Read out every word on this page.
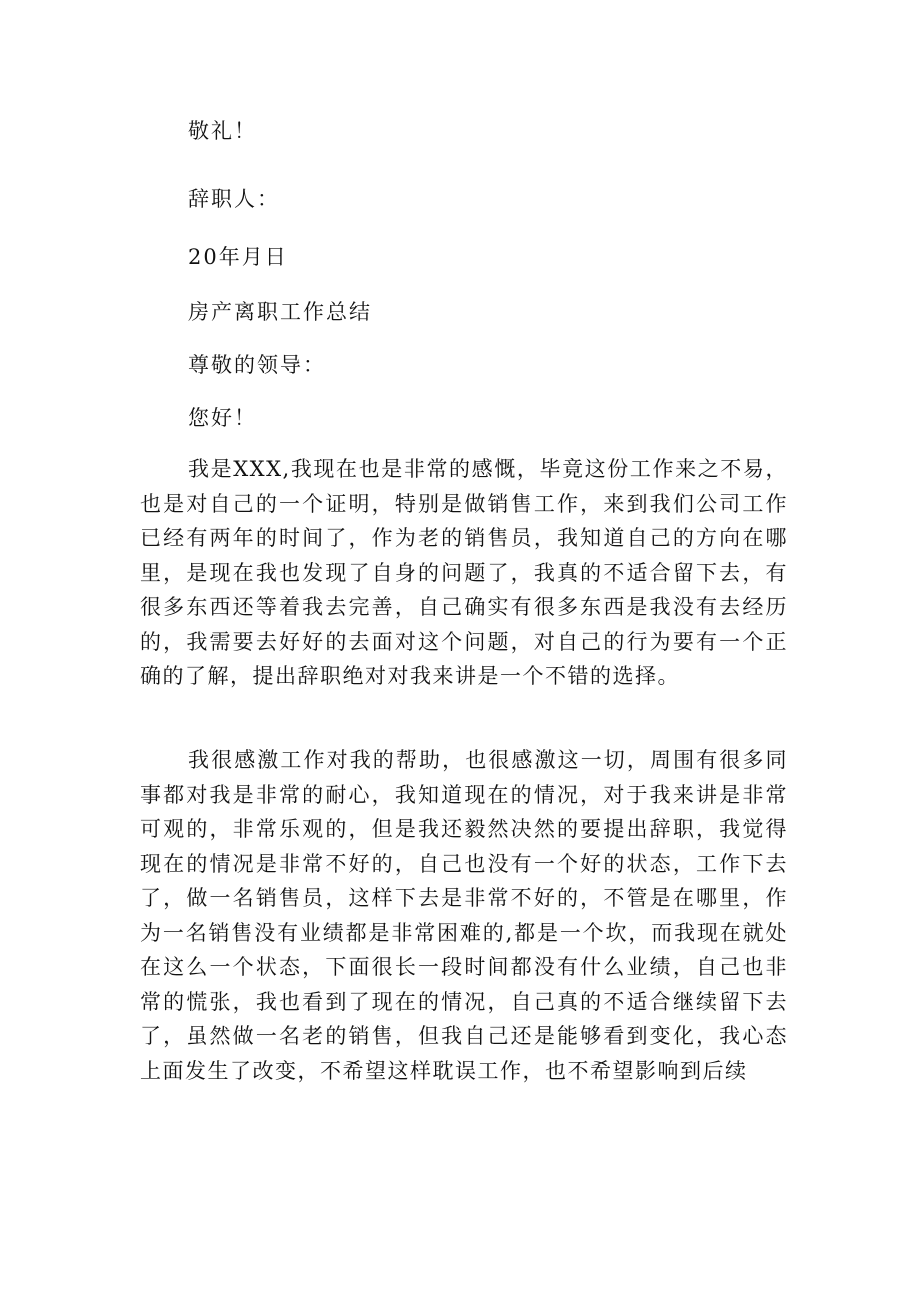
敬礼！
辞职人：
20年月日
房产离职工作总结
尊敬的领导：
您好！
我是XXX,我现在也是非常的感慨，毕竟这份工作来之不易，也是对自己的一个证明，特别是做销售工作，来到我们公司工作已经有两年的时间了，作为老的销售员，我知道自己的方向在哪里，是现在我也发现了自身的问题了，我真的不适合留下去，有很多东西还等着我去完善，自己确实有很多东西是我没有去经历的，我需要去好好的去面对这个问题，对自己的行为要有一个正确的了解，提出辞职绝对对我来讲是一个不错的选择。
我很感激工作对我的帮助，也很感激这一切，周围有很多同事都对我是非常的耐心，我知道现在的情况，对于我来讲是非常可观的，非常乐观的，但是我还毅然决然的要提出辞职，我觉得现在的情况是非常不好的，自己也没有一个好的状态，工作下去了，做一名销售员，这样下去是非常不好的，不管是在哪里，作为一名销售没有业绩都是非常困难的,都是一个坎，而我现在就处在这么一个状态，下面很长一段时间都没有什么业绩，自己也非常的慌张，我也看到了现在的情况，自己真的不适合继续留下去了，虽然做一名老的销售，但我自己还是能够看到变化，我心态上面发生了改变，不希望这样耽误工作，也不希望影响到后续
